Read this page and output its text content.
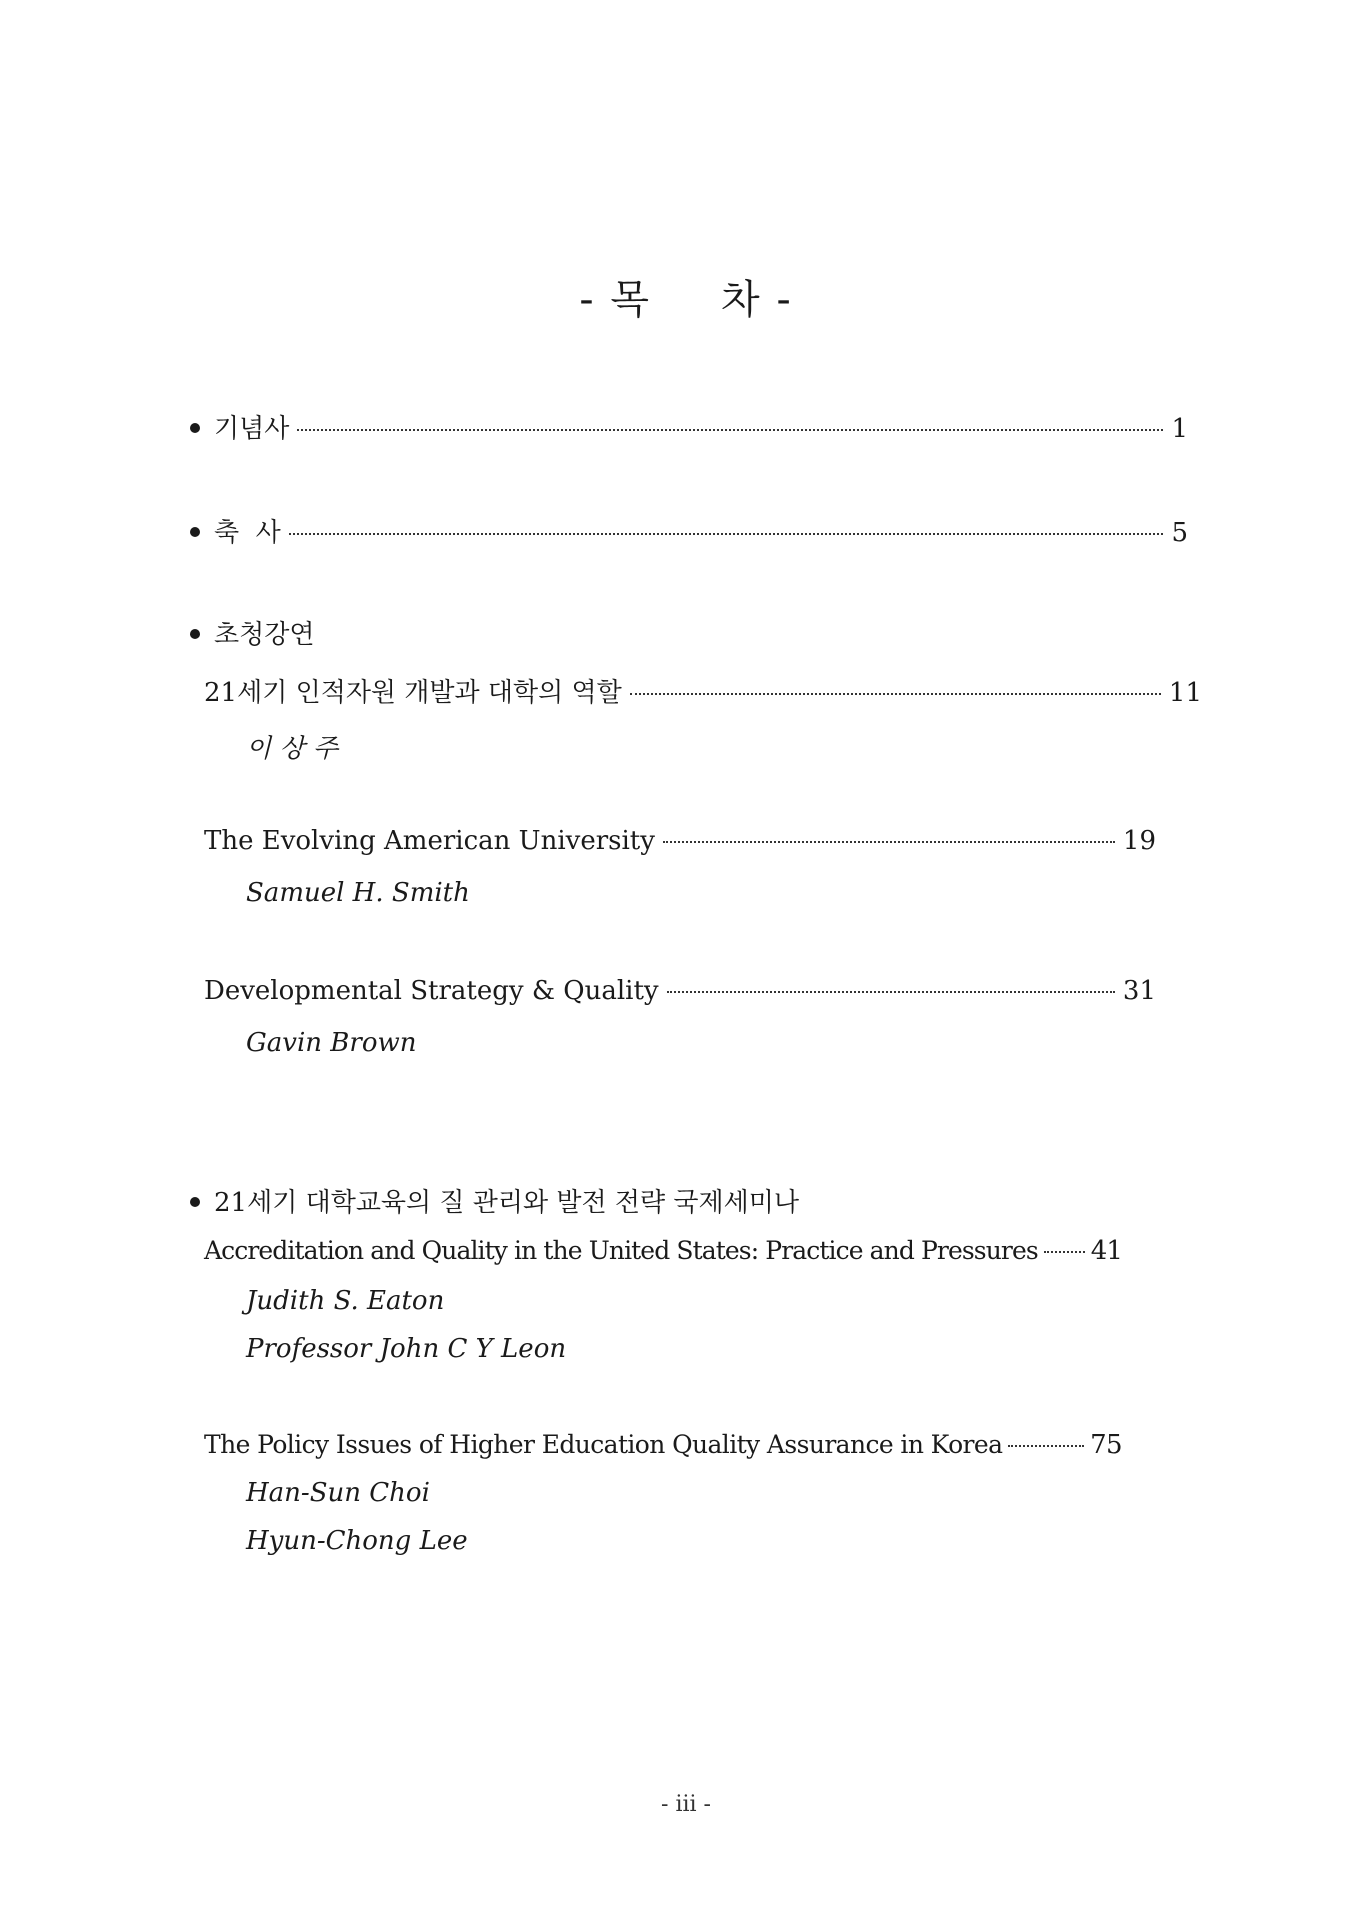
- 목 차 -
기념사	1
축  사	5
초청강연
21세기 인적자원 개발과 대학의 역할	11
이 상 주
The Evolving American University	19
Samuel H. Smith
Developmental Strategy & Quality	31
Gavin Brown
21세기 대학교육의 질 관리와 발전 전략 국제세미나
Accreditation and Quality in the United States: Practice and Pressures 41
Judith S. Eaton
Professor John C Y Leon
The Policy Issues of Higher Education Quality Assurance in Korea	75
Han-Sun Choi
Hyun-Chong Lee
- iii -
